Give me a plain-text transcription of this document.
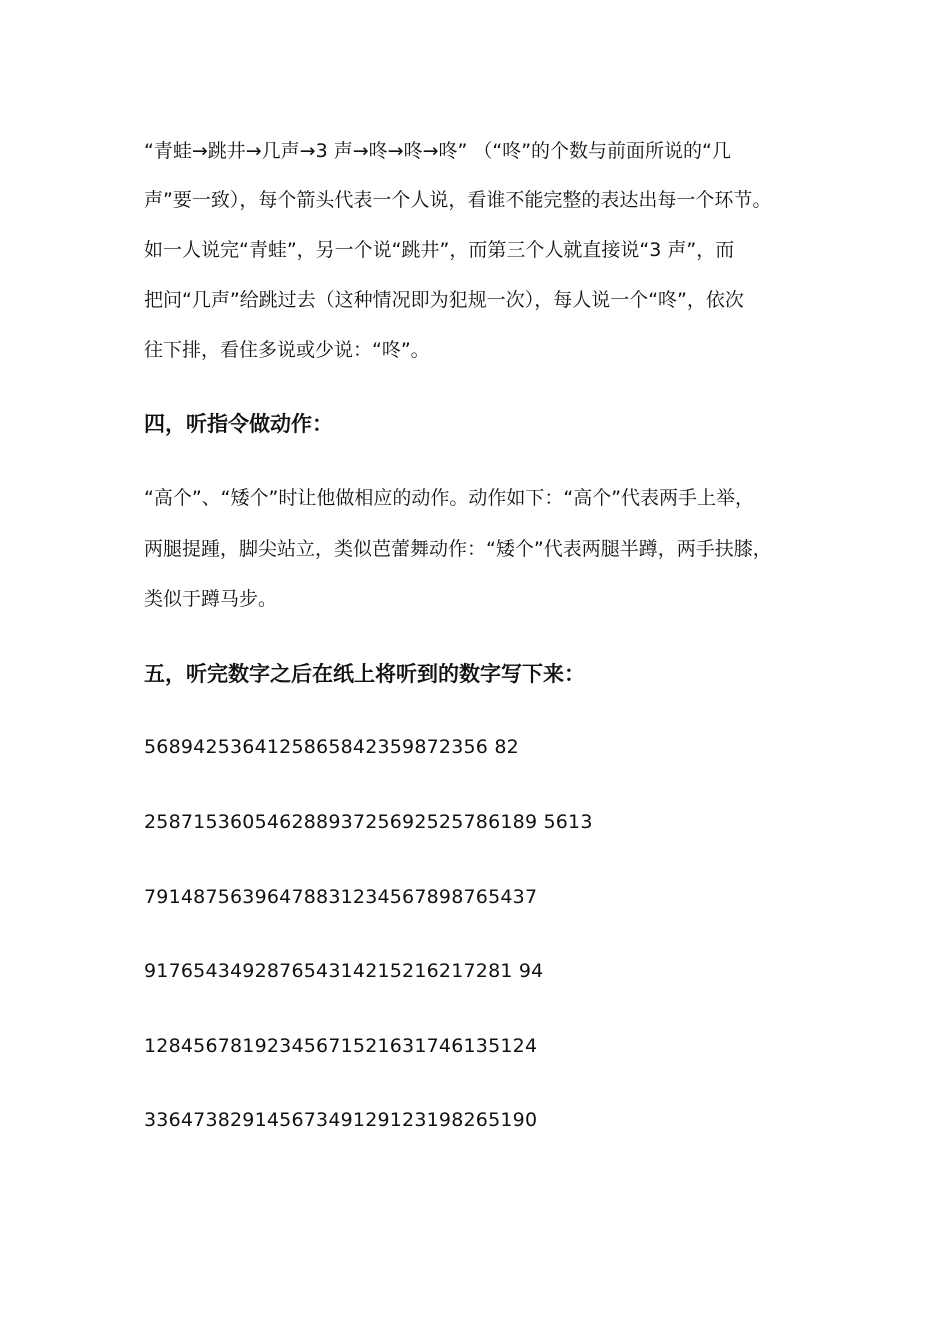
“青蛙→跳井→几声→3 声→咚→咚→咚” （“咚”的个数与前面所说的“几
声”要一致），每个箭头代表一个人说，看谁不能完整的表达出每一个环节。
如一人说完“青蛙”，另一个说“跳井”，而第三个人就直接说“3 声”，而
把问“几声”给跳过去（这种情况即为犯规一次），每人说一个“咚”，依次
往下排，看住多说或少说：“咚”。
四，听指令做动作：
“高个”、“矮个”时让他做相应的动作。动作如下：“高个”代表两手上举，
两腿提踵，脚尖站立，类似芭蕾舞动作：“矮个”代表两腿半蹲，两手扶膝，
类似于蹲马步。
五，听完数字之后在纸上将听到的数字写下来：
5689425364125865842359872356 82
25871536054628893725692525786189 5613
79148756396478831234567898765437
917654349287654314215216217281 94
12845678192345671521631746135124
33647382914567349129123198265190
